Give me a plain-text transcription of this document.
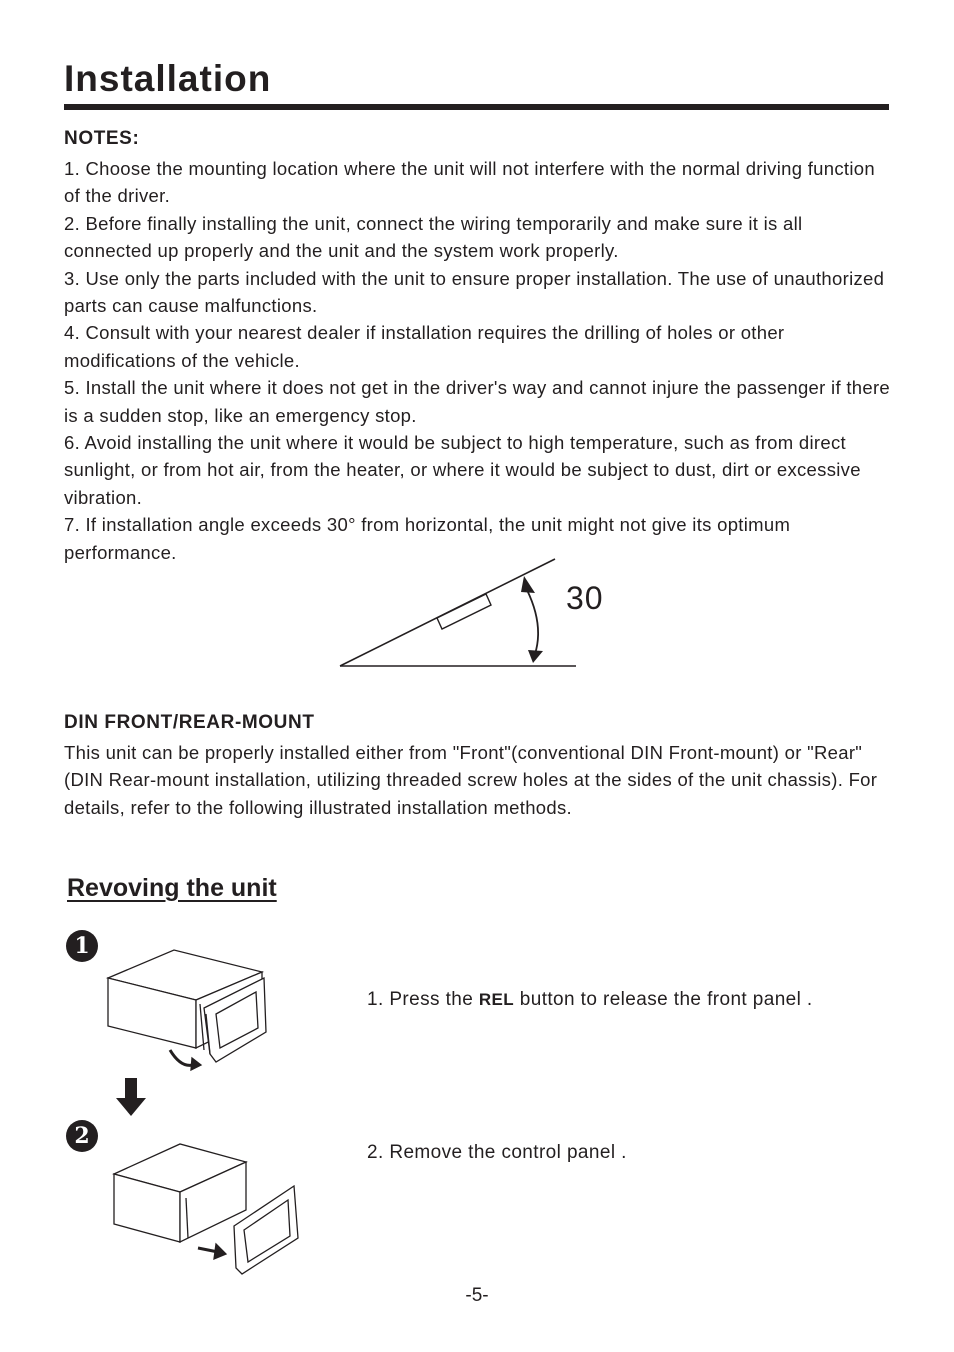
Installation
NOTES:
1. Choose the mounting location where the unit will not interfere with the normal driving function of the driver.
2. Before finally installing the unit, connect the wiring temporarily and make sure it is all connected up properly and the unit and the system work properly.
3. Use only the parts included with the unit to ensure proper installation. The use of unauthorized parts can cause malfunctions.
4. Consult with your nearest dealer if installation requires the drilling of holes or other modifications of the vehicle.
5. Install the unit where it does not get in the driver's way and cannot injure the passenger if there is a sudden stop, like an emergency stop.
6. Avoid installing the unit where it would be subject to high temperature, such as from direct sunlight, or from hot air, from the heater, or where it would be subject to dust, dirt or excessive vibration.
7. If installation angle exceeds 30° from horizontal, the unit might not give its optimum performance.
30
DIN FRONT/REAR-MOUNT

This unit can be properly installed either from "Front"(conventional DIN Front-mount) or "Rear"(DIN Rear-mount installation, utilizing threaded screw holes at the sides of the unit chassis). For details, refer to the following illustrated installation methods.

Revoving the unit
1
2
1. Press the REL button to release the front panel .
2. Remove the control panel .
-5-
